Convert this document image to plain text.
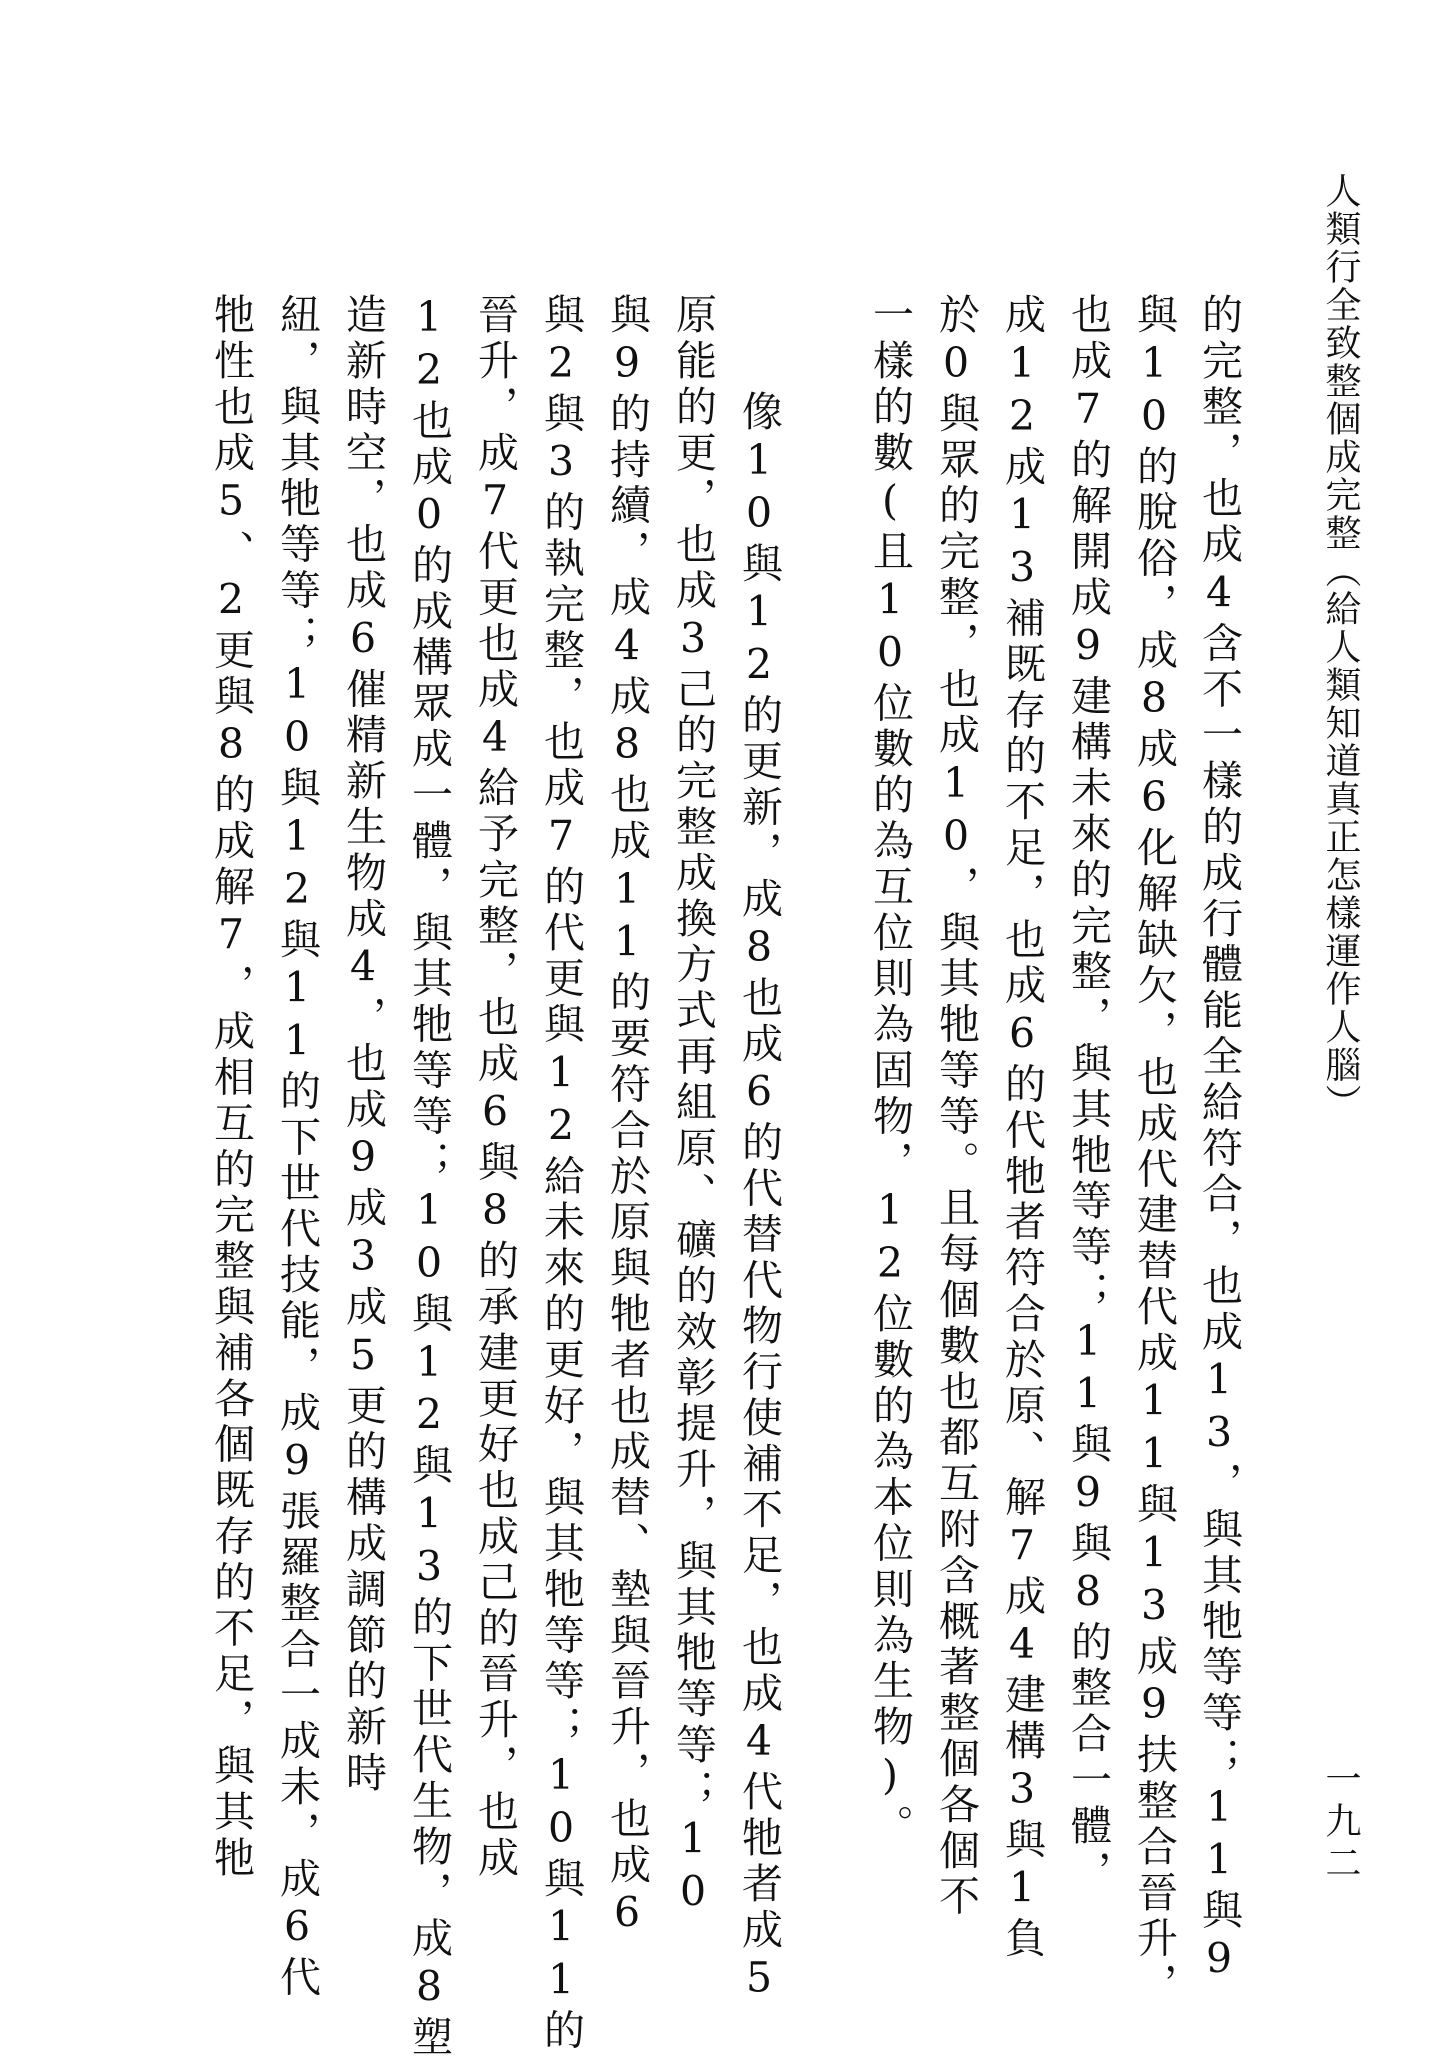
人類行全致整個成完整（給人類知道真正怎樣運作人腦）
一九二
的完整，也成4含不一樣的成行體能全給符合，也成13，與其牠等等；11與9
與10的脫俗，成8成6化解缺欠，也成代建替代成11與13成9扶整合晉升，
也成7的解開成9建構未來的完整，與其牠等等；11與9與8的整合一體，
成12成13補既存的不足，也成6的代牠者符合於原、解7成4建構3與1負
於0與眾的完整，也成10，與其牠等等。且每個數也都互附含概著整個各個不
一樣的數(且10位數的為互位則為固物，12位數的為本位則為生物)。
像10與12的更新，成8也成6的代替代物行使補不足，也成4代牠者成5
原能的更，也成3己的完整成換方式再組原、礦的效彰提升，與其牠等等；10
與9的持續，成4成8也成11的要符合於原與牠者也成替、墊與晉升，也成6
與2與3的執完整，也成7的代更與12給未來的更好，與其牠等等；10與11的
晉升，成7代更也成4給予完整，也成6與8的承建更好也成己的晉升，也成
12也成0的成構眾成一體，與其牠等等；10與12與13的下世代生物，成8塑
造新時空，也成6催精新生物成4，也成9成3成5更的構成調節的新時
紐，與其牠等等；10與12與11的下世代技能，成9張羅整合一成未，成6代
牠性也成5、2更與8的成解7，成相互的完整與補各個既存的不足，與其牠
